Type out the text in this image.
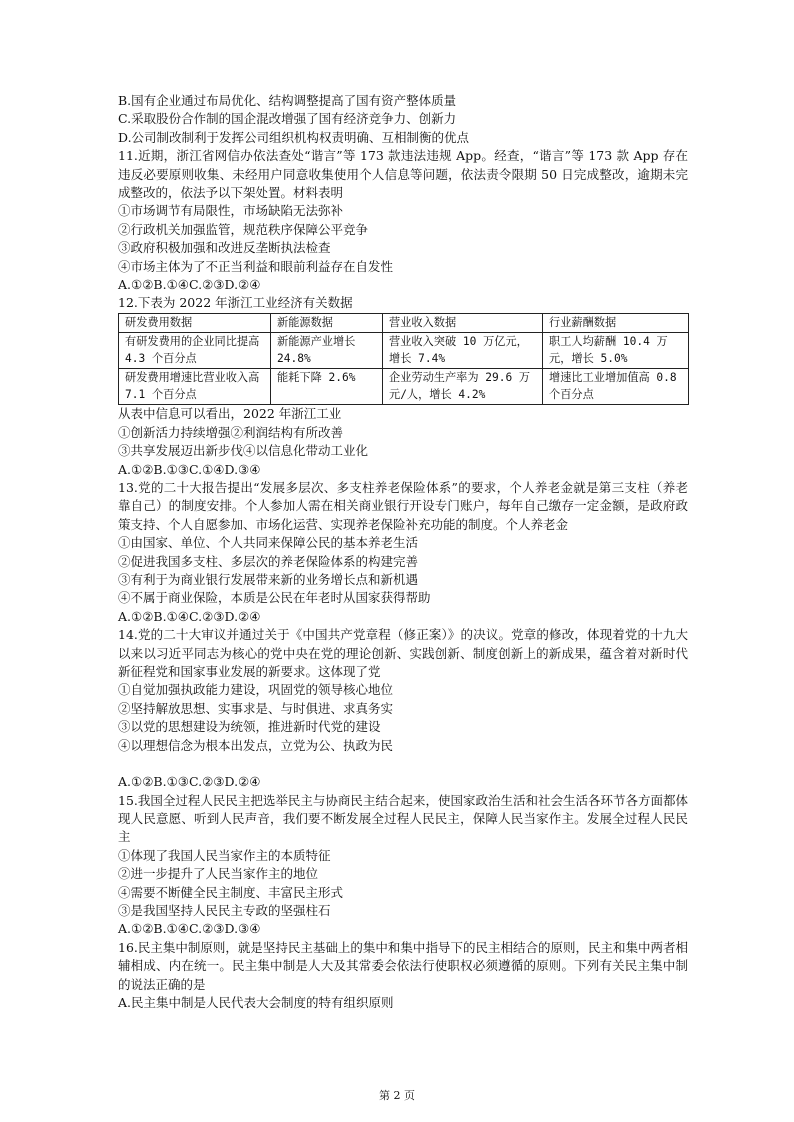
B.国有企业通过布局优化、结构调整提高了国有资产整体质量
C.采取股份合作制的国企混改增强了国有经济竞争力、创新力
D.公司制改制利于发挥公司组织机构权责明确、互相制衡的优点
11.近期，浙江省网信办依法查处“谐言”等 173 款违法违规 App。经查，“谐言”等 173 款 App 存在违反必要原则收集、未经用户同意收集使用个人信息等问题，依法责令限期 50 日完成整改，逾期未完成整改的，依法予以下架处置。材料表明
①市场调节有局限性，市场缺陷无法弥补
②行政机关加强监管，规范秩序保障公平竞争
③政府积极加强和改进反垄断执法检查
④市场主体为了不正当利益和眼前利益存在自发性
A.①②B.①④C.②③D.②④
12.下表为 2022 年浙江工业经济有关数据
研发费用数据	新能源数据	营业收入数据	行业薪酬数据
有研发费用的企业同比提高 4.3 个百分点	新能源产业增长 24.8%	营业收入突破 10 万亿元，增长 7.4%	职工人均薪酬 10.4 万元，增长 5.0%
研发费用增速比营业收入高 7.1 个百分点	能耗下降 2.6%	企业劳动生产率为 29.6 万元/人，增长 4.2%	增速比工业增加值高 0.8 个百分点
从表中信息可以看出，2022 年浙江工业
①创新活力持续增强②利润结构有所改善
③共享发展迈出新步伐④以信息化带动工业化
A.①②B.①③C.①④D.③④
13.党的二十大报告提出“发展多层次、多支柱养老保险体系”的要求，个人养老金就是第三支柱（养老靠自己）的制度安排。个人参加人需在相关商业银行开设专门账户，每年自己缴存一定金额，是政府政策支持、个人自愿参加、市场化运营、实现养老保险补充功能的制度。个人养老金
①由国家、单位、个人共同来保障公民的基本养老生活
②促进我国多支柱、多层次的养老保险体系的构建完善
③有利于为商业银行发展带来新的业务增长点和新机遇
④不属于商业保险，本质是公民在年老时从国家获得帮助
A.①②B.①④C.②③D.②④
14.党的二十大审议并通过关于《中国共产党章程（修正案）》的决议。党章的修改，体现着党的十九大以来以习近平同志为核心的党中央在党的理论创新、实践创新、制度创新上的新成果，蕴含着对新时代新征程党和国家事业发展的新要求。这体现了党
①自觉加强执政能力建设，巩固党的领导核心地位
②坚持解放思想、实事求是、与时俱进、求真务实
③以党的思想建设为统领，推进新时代党的建设
④以理想信念为根本出发点，立党为公、执政为民
A.①②B.①③C.②③D.②④
15.我国全过程人民民主把选举民主与协商民主结合起来，使国家政治生活和社会生活各环节各方面都体现人民意愿、听到人民声音，我们要不断发展全过程人民民主，保障人民当家作主。发展全过程人民民主
①体现了我国人民当家作主的本质特征
②进一步提升了人民当家作主的地位
④需要不断健全民主制度、丰富民主形式
③是我国坚持人民民主专政的坚强柱石
A.①②B.①④C.②③D.③④
16.民主集中制原则，就是坚持民主基础上的集中和集中指导下的民主相结合的原则，民主和集中两者相辅相成、内在统一。民主集中制是人大及其常委会依法行使职权必须遵循的原则。下列有关民主集中制的说法正确的是
A.民主集中制是人民代表大会制度的特有组织原则
第 2 页
